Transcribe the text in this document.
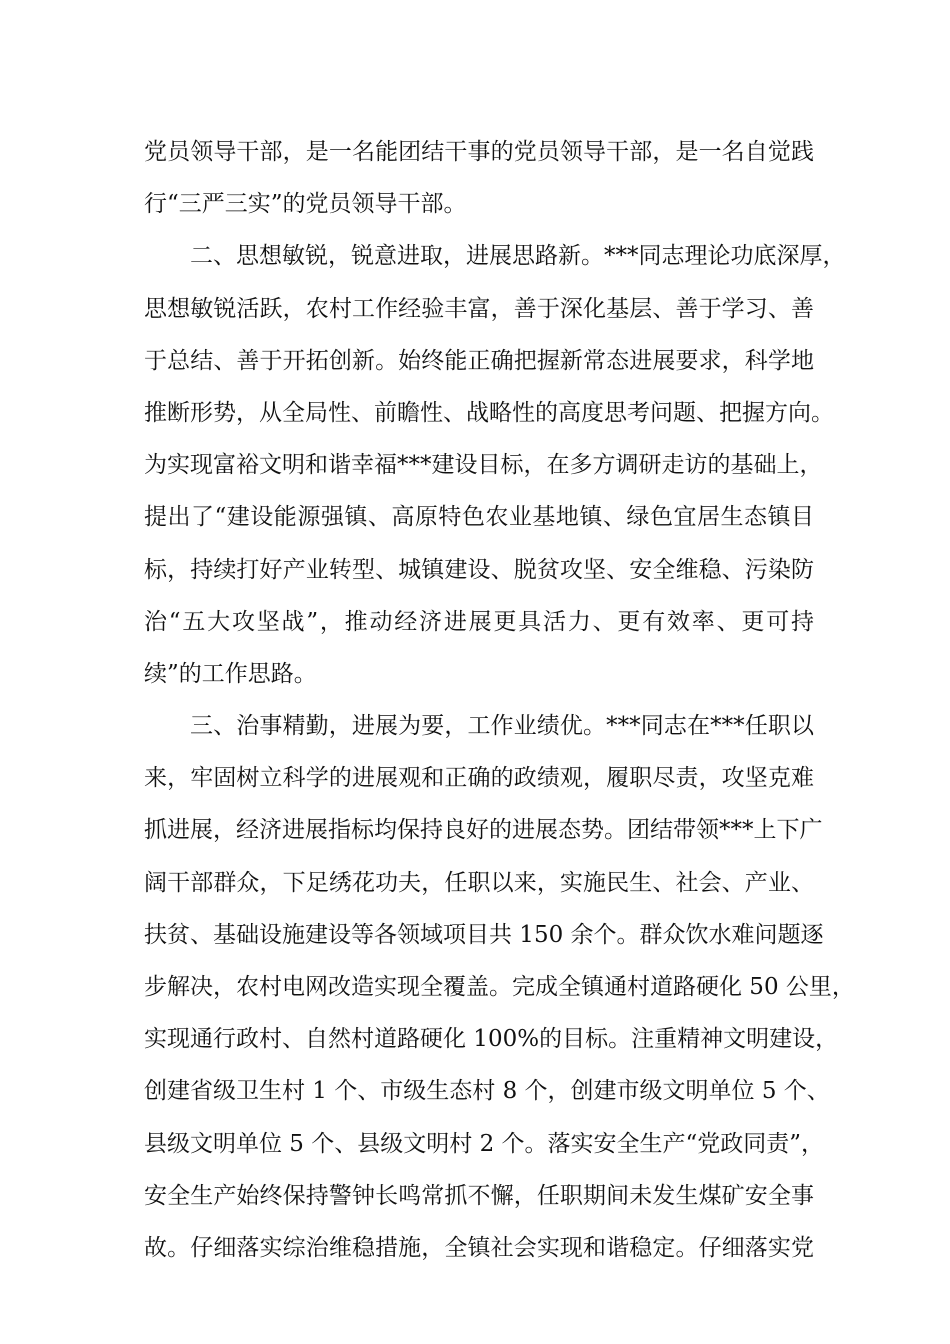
党员领导干部，是一名能团结干事的党员领导干部，是一名自觉践
行“三严三实”的党员领导干部。
二、思想敏锐，锐意进取，进展思路新。***同志理论功底深厚，
思想敏锐活跃，农村工作经验丰富，善于深化基层、善于学习、善
于总结、善于开拓创新。始终能正确把握新常态进展要求，科学地
推断形势，从全局性、前瞻性、战略性的高度思考问题、把握方向。
为实现富裕文明和谐幸福***建设目标，在多方调研走访的基础上，
提出了“建设能源强镇、高原特色农业基地镇、绿色宜居生态镇目
标，持续打好产业转型、城镇建设、脱贫攻坚、安全维稳、污染防
治“五大攻坚战”，推动经济进展更具活力、更有效率、更可持
续”的工作思路。
三、治事精勤，进展为要，工作业绩优。***同志在***任职以
来，牢固树立科学的进展观和正确的政绩观，履职尽责，攻坚克难
抓进展，经济进展指标均保持良好的进展态势。团结带领***上下广
阔干部群众，下足绣花功夫，任职以来，实施民生、社会、产业、
扶贫、基础设施建设等各领域项目共 150 余个。群众饮水难问题逐
步解决，农村电网改造实现全覆盖。完成全镇通村道路硬化 50 公里，
实现通行政村、自然村道路硬化 100%的目标。注重精神文明建设，
创建省级卫生村 1 个、市级生态村 8 个，创建市级文明单位 5 个、
县级文明单位 5 个、县级文明村 2 个。落实安全生产“党政同责”，
安全生产始终保持警钟长鸣常抓不懈，任职期间未发生煤矿安全事
故。仔细落实综治维稳措施，全镇社会实现和谐稳定。仔细落实党
